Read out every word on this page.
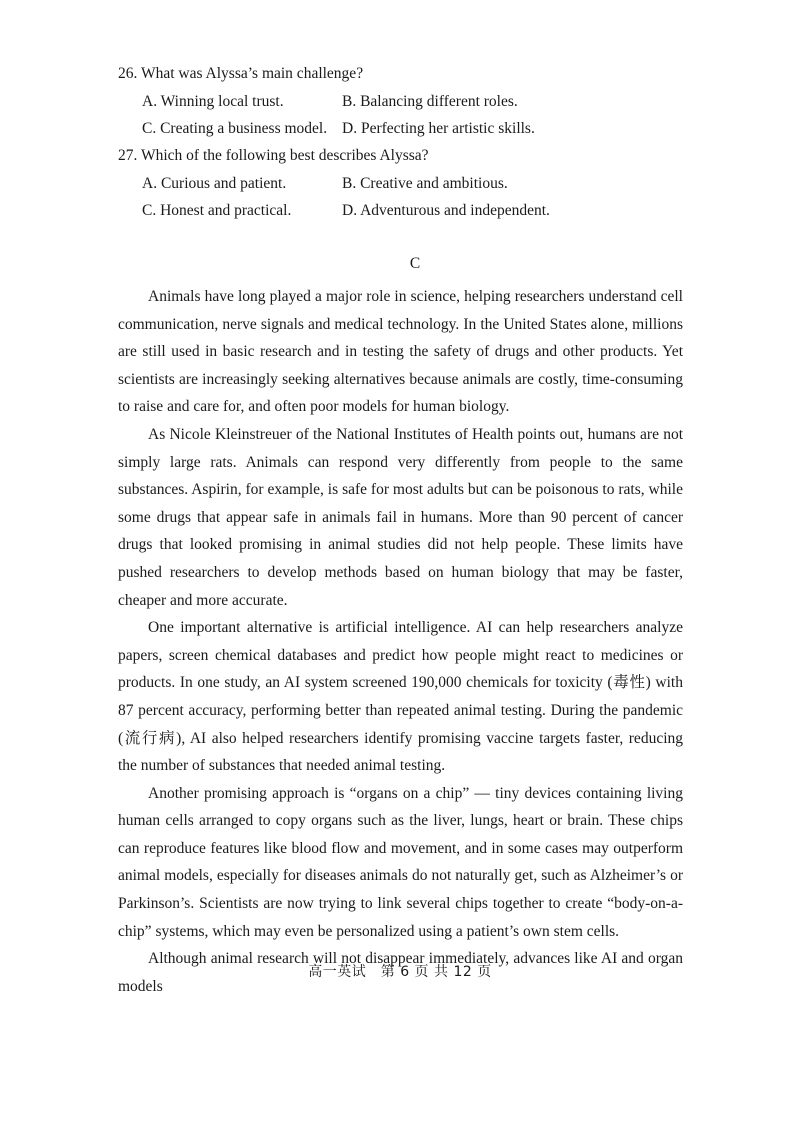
26. What was Alyssa’s main challenge?
A. Winning local trust.	B. Balancing different roles.
C. Creating a business model. D. Perfecting her artistic skills.
27. Which of the following best describes Alyssa?
A. Curious and patient.	B. Creative and ambitious.
C. Honest and practical.	D. Adventurous and independent.
C

Animals have long played a major role in science, helping researchers understand cell communication, nerve signals and medical technology. In the United States alone, millions are still used in basic research and in testing the safety of drugs and other products. Yet scientists are increasingly seeking alternatives because animals are costly, time-consuming to raise and care for, and often poor models for human biology.

As Nicole Kleinstreuer of the National Institutes of Health points out, humans are not simply large rats. Animals can respond very differently from people to the same substances. Aspirin, for example, is safe for most adults but can be poisonous to rats, while some drugs that appear safe in animals fail in humans. More than 90 percent of cancer drugs that looked promising in animal studies did not help people. These limits have pushed researchers to develop methods based on human biology that may be faster, cheaper and more accurate.

One important alternative is artificial intelligence. AI can help researchers analyze papers, screen chemical databases and predict how people might react to medicines or products. In one study, an AI system screened 190,000 chemicals for toxicity (毒性) with 87 percent accuracy, performing better than repeated animal testing. During the pandemic (流行病), AI also helped researchers identify promising vaccine targets faster, reducing the number of substances that needed animal testing.

Another promising approach is “organs on a chip” — tiny devices containing living human cells arranged to copy organs such as the liver, lungs, heart or brain. These chips can reproduce features like blood flow and movement, and in some cases may outperform animal models, especially for diseases animals do not naturally get, such as Alzheimer’s or Parkinson’s. Scientists are now trying to link several chips together to create “body-on-a-chip” systems, which may even be personalized using a patient’s own stem cells.

Although animal research will not disappear immediately, advances like AI and organ models

高一英试　第 6 页 共 12 页
